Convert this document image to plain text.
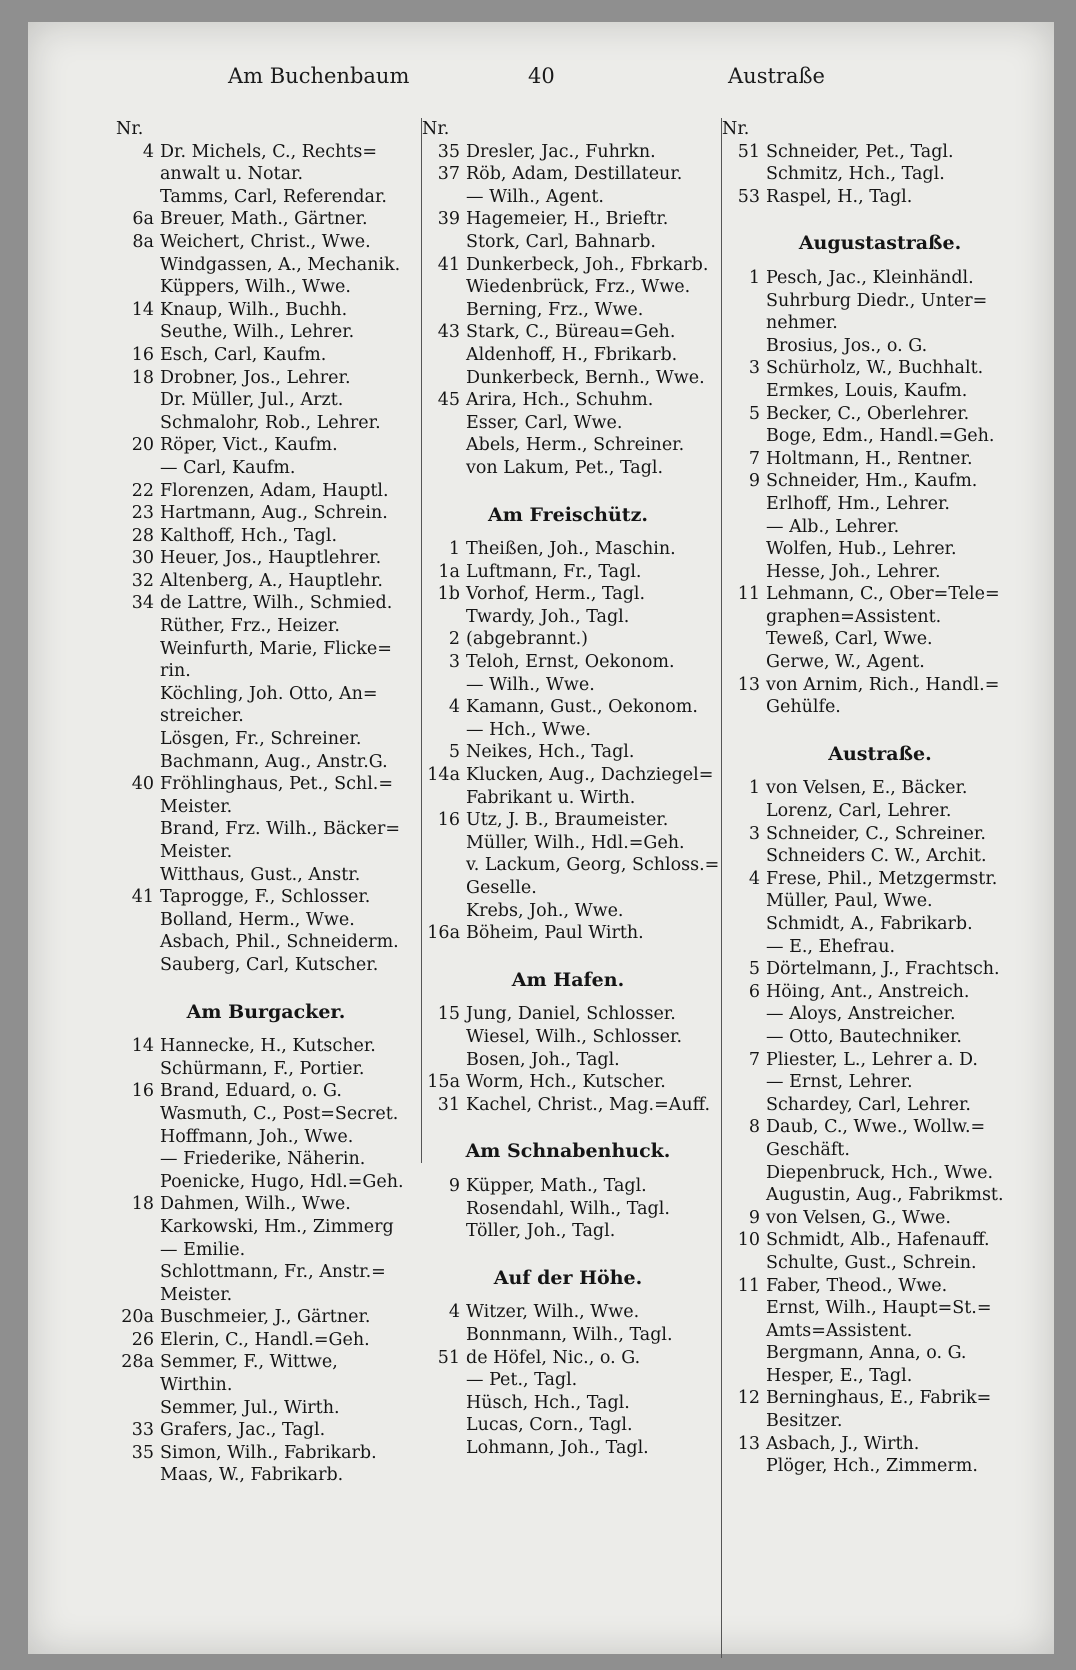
Am Buchenbaum	40	Austraße
Nr.
4 Dr. Michels, C., Rechts=
anwalt u. Notar.
Tamms, Carl, Referendar.
6a Breuer, Math., Gärtner.
8a Weichert, Christ., Wwe.
Windgassen, A., Mechanik.
Küppers, Wilh., Wwe.
14 Knaup, Wilh., Buchh.
Seuthe, Wilh., Lehrer.
16 Esch, Carl, Kaufm.
18 Drobner, Jos., Lehrer.
Dr. Müller, Jul., Arzt.
Schmalohr, Rob., Lehrer.
20 Röper, Vict., Kaufm.
— Carl, Kaufm.
22 Florenzen, Adam, Hauptl.
23 Hartmann, Aug., Schrein.
28 Kalthoff, Hch., Tagl.
30 Heuer, Jos., Hauptlehrer.
32 Altenberg, A., Hauptlehr.
34 de Lattre, Wilh., Schmied.
Rüther, Frz., Heizer.
Weinfurth, Marie, Flicke=
rin.
Köchling, Joh. Otto, An=
streicher.
Lösgen, Fr., Schreiner.
Bachmann, Aug., Anstr.G.
40 Fröhlinghaus, Pet., Schl.=
Meister.
Brand, Frz. Wilh., Bäcker=
Meister.
Witthaus, Gust., Anstr.
41 Taprogge, F., Schlosser.
Bolland, Herm., Wwe.
Asbach, Phil., Schneiderm.
Sauberg, Carl, Kutscher.
Am Burgacker.
14 Hannecke, H., Kutscher.
Schürmann, F., Portier.
16 Brand, Eduard, o. G.
Wasmuth, C., Post=Secret.
Hoffmann, Joh., Wwe.
— Friederike, Näherin.
Poenicke, Hugo, Hdl.=Geh.
18 Dahmen, Wilh., Wwe.
Karkowski, Hm., Zimmerg
— Emilie.
Schlottmann, Fr., Anstr.=
Meister.
20a Buschmeier, J., Gärtner.
26 Elerin, C., Handl.=Geh.
28a Semmer, F., Wittwe,
Wirthin.
Semmer, Jul., Wirth.
33 Grafers, Jac., Tagl.
35 Simon, Wilh., Fabrikarb.
Maas, W., Fabrikarb.
Nr.
35 Dresler, Jac., Fuhrkn.
37 Röb, Adam, Destillateur.
— Wilh., Agent.
39 Hagemeier, H., Brieftr.
Stork, Carl, Bahnarb.
41 Dunkerbeck, Joh., Fbrkarb.
Wiedenbrück, Frz., Wwe.
Berning, Frz., Wwe.
43 Stark, C., Büreau=Geh.
Aldenhoff, H., Fbrikarb.
Dunkerbeck, Bernh., Wwe.
45 Arira, Hch., Schuhm.
Esser, Carl, Wwe.
Abels, Herm., Schreiner.
von Lakum, Pet., Tagl.
Am Freischütz.
1 Theißen, Joh., Maschin.
1a Luftmann, Fr., Tagl.
1b Vorhof, Herm., Tagl.
Twardy, Joh., Tagl.
2 (abgebrannt.)
3 Teloh, Ernst, Oekonom.
— Wilh., Wwe.
4 Kamann, Gust., Oekonom.
— Hch., Wwe.
5 Neikes, Hch., Tagl.
14a Klucken, Aug., Dachziegel=
Fabrikant u. Wirth.
16 Utz, J. B., Braumeister.
Müller, Wilh., Hdl.=Geh.
v. Lackum, Georg, Schloss.=
Geselle.
Krebs, Joh., Wwe.
16a Böheim, Paul Wirth.
Am Hafen.
15 Jung, Daniel, Schlosser.
Wiesel, Wilh., Schlosser.
Bosen, Joh., Tagl.
15a Worm, Hch., Kutscher.
31 Kachel, Christ., Mag.=Auff.
Am Schnabenhuck.
9 Küpper, Math., Tagl.
Rosendahl, Wilh., Tagl.
Töller, Joh., Tagl.
Auf der Höhe.
4 Witzer, Wilh., Wwe.
Bonnmann, Wilh., Tagl.
51 de Höfel, Nic., o. G.
— Pet., Tagl.
Hüsch, Hch., Tagl.
Lucas, Corn., Tagl.
Lohmann, Joh., Tagl.
Nr.
51 Schneider, Pet., Tagl.
Schmitz, Hch., Tagl.
53 Raspel, H., Tagl.
Augustastraße.
1 Pesch, Jac., Kleinhändl.
Suhrburg Diedr., Unter=
nehmer.
Brosius, Jos., o. G.
3 Schürholz, W., Buchhalt.
Ermkes, Louis, Kaufm.
5 Becker, C., Oberlehrer.
Boge, Edm., Handl.=Geh.
7 Holtmann, H., Rentner.
9 Schneider, Hm., Kaufm.
Erlhoff, Hm., Lehrer.
— Alb., Lehrer.
Wolfen, Hub., Lehrer.
Hesse, Joh., Lehrer.
11 Lehmann, C., Ober=Tele=
graphen=Assistent.
Teweß, Carl, Wwe.
Gerwe, W., Agent.
13 von Arnim, Rich., Handl.=
Gehülfe.
Austraße.
1 von Velsen, E., Bäcker.
Lorenz, Carl, Lehrer.
3 Schneider, C., Schreiner.
Schneiders C. W., Archit.
4 Frese, Phil., Metzgermstr.
Müller, Paul, Wwe.
Schmidt, A., Fabrikarb.
— E., Ehefrau.
5 Dörtelmann, J., Frachtsch.
6 Höing, Ant., Anstreich.
— Aloys, Anstreicher.
— Otto, Bautechniker.
7 Pliester, L., Lehrer a. D.
— Ernst, Lehrer.
Schardey, Carl, Lehrer.
8 Daub, C., Wwe., Wollw.=
Geschäft.
Diepenbruck, Hch., Wwe.
Augustin, Aug., Fabrikmst.
9 von Velsen, G., Wwe.
10 Schmidt, Alb., Hafenauff.
Schulte, Gust., Schrein.
11 Faber, Theod., Wwe.
Ernst, Wilh., Haupt=St.=
Amts=Assistent.
Bergmann, Anna, o. G.
Hesper, E., Tagl.
12 Berninghaus, E., Fabrik=
Besitzer.
13 Asbach, J., Wirth.
Plöger, Hch., Zimmerm.
